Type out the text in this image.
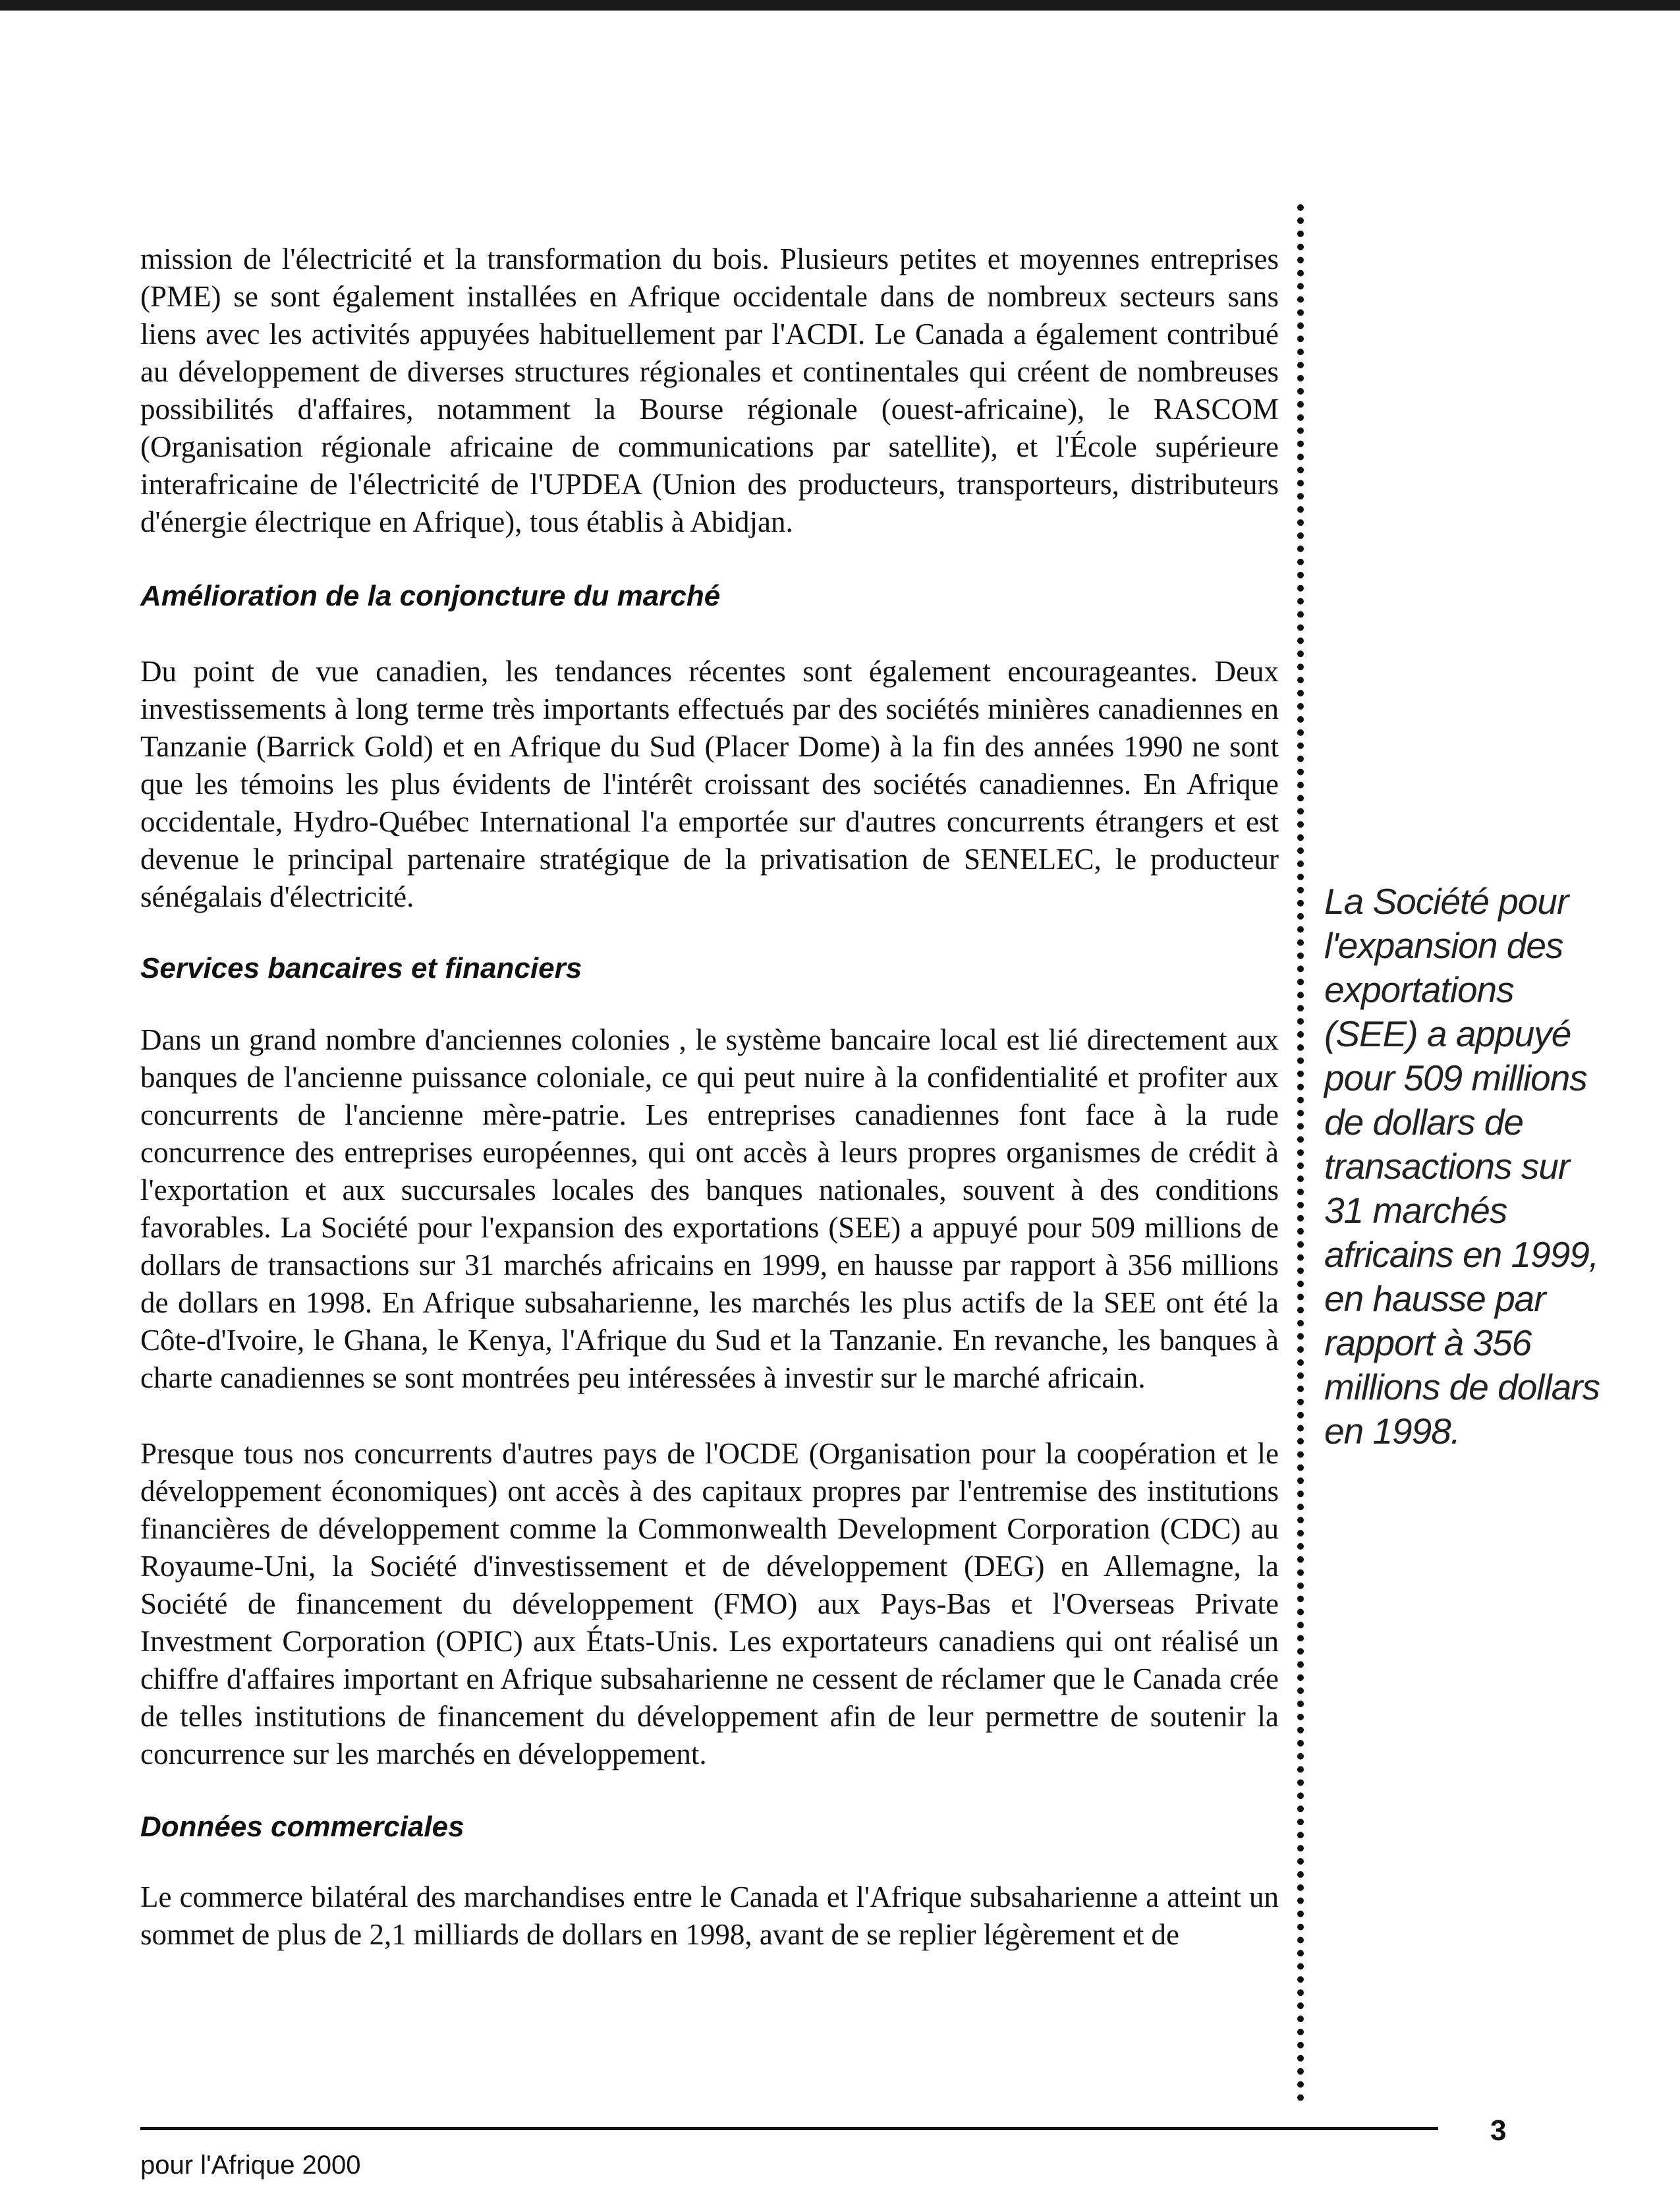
mission de l'électricité et la transformation du bois. Plusieurs petites et moyennes entreprises (PME) se sont également installées en Afrique occidentale dans de nombreux secteurs sans liens avec les activités appuyées habituellement par l'ACDI. Le Canada a également contribué au développement de diverses structures régionales et continentales qui créent de nombreuses possibilités d'affaires, notamment la Bourse régionale (ouest-africaine), le RASCOM (Organisation régionale africaine de communications par satellite), et l'École supérieure interafricaine de l'électricité de l'UPDEA (Union des producteurs, transporteurs, distributeurs d'énergie électrique en Afrique), tous établis à Abidjan.

Amélioration de la conjoncture du marché

Du point de vue canadien, les tendances récentes sont également encourageantes. Deux investissements à long terme très importants effectués par des sociétés minières canadiennes en Tanzanie (Barrick Gold) et en Afrique du Sud (Placer Dome) à la fin des années 1990 ne sont que les témoins les plus évidents de l'intérêt croissant des sociétés canadiennes. En Afrique occidentale, Hydro-Québec International l'a emportée sur d'autres concurrents étrangers et est devenue le principal partenaire stratégique de la privatisation de SENELEC, le producteur sénégalais d'électricité.

Services bancaires et financiers

Dans un grand nombre d'anciennes colonies , le système bancaire local est lié directement aux banques de l'ancienne puissance coloniale, ce qui peut nuire à la confidentialité et profiter aux concurrents de l'ancienne mère-patrie. Les entreprises canadiennes font face à la rude concurrence des entreprises européennes, qui ont accès à leurs propres organismes de crédit à l'exportation et aux succursales locales des banques nationales, souvent à des conditions favorables. La Société pour l'expansion des exportations (SEE) a appuyé pour 509 millions de dollars de transactions sur 31 marchés africains en 1999, en hausse par rapport à 356 millions de dollars en 1998. En Afrique subsaharienne, les marchés les plus actifs de la SEE ont été la Côte-d'Ivoire, le Ghana, le Kenya, l'Afrique du Sud et la Tanzanie. En revanche, les banques à charte canadiennes se sont montrées peu intéressées à investir sur le marché africain.

Presque tous nos concurrents d'autres pays de l'OCDE (Organisation pour la coopération et le développement économiques) ont accès à des capitaux propres par l'entremise des institutions financières de développement comme la Commonwealth Development Corporation (CDC) au Royaume-Uni, la Société d'investissement et de développement (DEG) en Allemagne, la Société de financement du développement (FMO) aux Pays-Bas et l'Overseas Private Investment Corporation (OPIC) aux États-Unis. Les exportateurs canadiens qui ont réalisé un chiffre d'affaires important en Afrique subsaharienne ne cessent de réclamer que le Canada crée de telles institutions de financement du développement afin de leur permettre de soutenir la concurrence sur les marchés en développement.

Données commerciales

Le commerce bilatéral des marchandises entre le Canada et l'Afrique subsaharienne a atteint un sommet de plus de 2,1 milliards de dollars en 1998, avant de se replier légèrement et de

La Société pour l'expansion des exportations (SEE) a appuyé pour 509 millions de dollars de transactions sur 31 marchés africains en 1999, en hausse par rapport à 356 millions de dollars en 1998.

pour l'Afrique 2000
3
